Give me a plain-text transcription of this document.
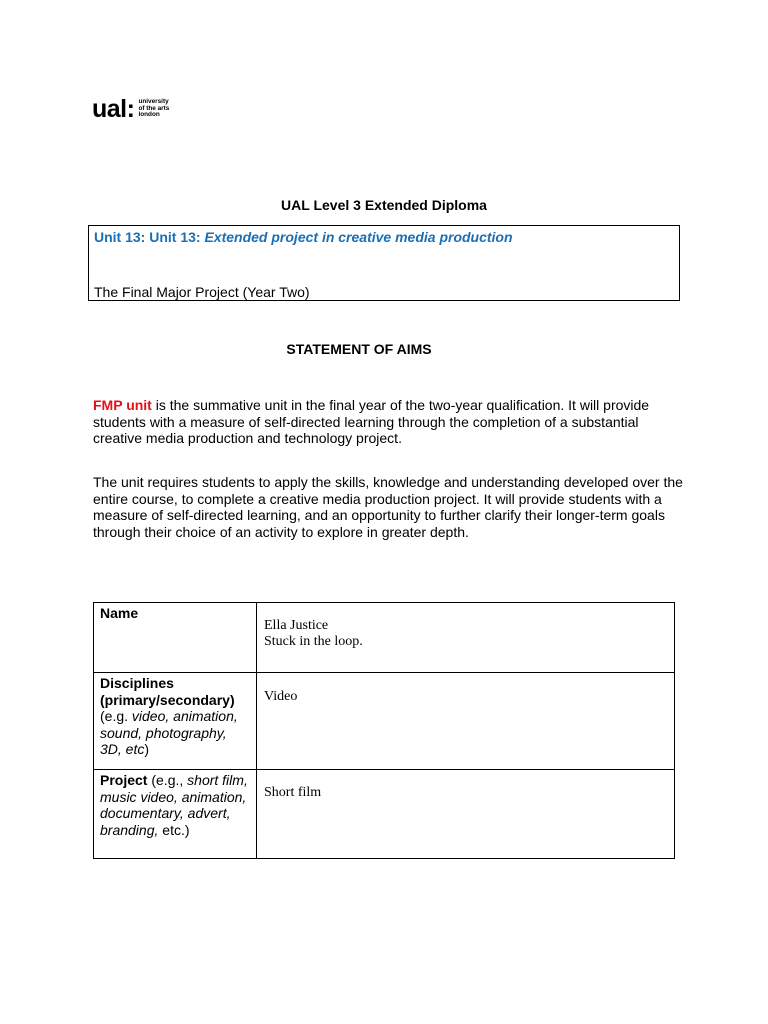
ual: university
of the arts
london
UAL Level 3 Extended Diploma
Unit 13: Unit 13: Extended project in creative media production
The Final Major Project (Year Two)
STATEMENT OF AIMS
FMP unit is the summative unit in the final year of the two-year qualification. It will provide students with a measure of self-directed learning through the completion of a substantial creative media production and technology project.
The unit requires students to apply the skills, knowledge and understanding developed over the entire course, to complete a creative media production project. It will provide students with a measure of self-directed learning, and an opportunity to further clarify their longer-term goals through their choice of an activity to explore in greater depth.
Name	Ella Justice
Stuck in the loop.

Disciplines (primary/secondary) (e.g. video, animation, sound, photography, 3D, etc)	Video

Project (e.g., short film, music video, animation, documentary, advert, branding, etc.)	Short film
